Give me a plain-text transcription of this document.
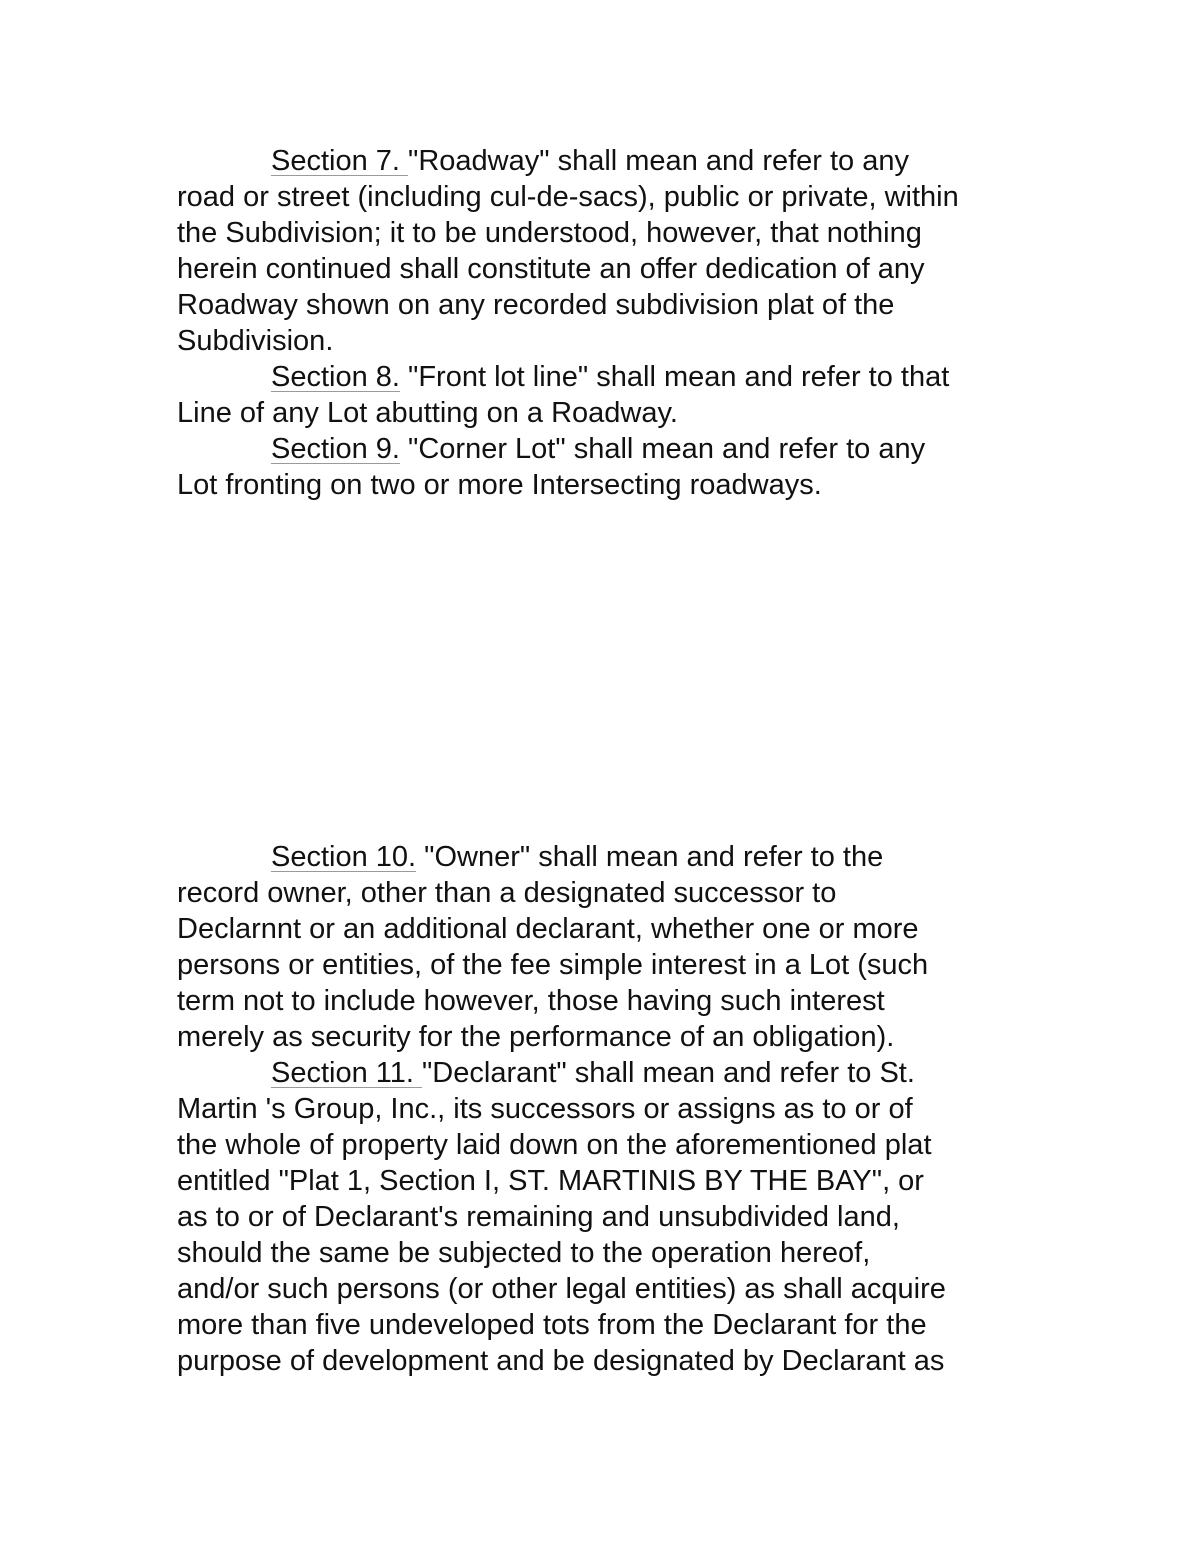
Section 7. "Roadway" shall mean and refer to any
road or street (including cul-de-sacs), public or private, within
the Subdivision; it to be understood, however, that nothing
herein continued shall constitute an offer dedication of any
Roadway shown on any recorded subdivision plat of the
Subdivision.
Section 8. "Front lot line" shall mean and refer to that
Line of any Lot abutting on a Roadway.
Section 9. "Corner Lot" shall mean and refer to any
Lot fronting on two or more Intersecting roadways.
Section 10. "Owner" shall mean and refer to the
record owner, other than a designated successor to
Declarnnt or an additional declarant, whether one or more
persons or entities, of the fee simple interest in a Lot (such
term not to include however, those having such interest
merely as security for the performance of an obligation).
Section 11. "Declarant" shall mean and refer to St.
Martin 's Group, Inc., its successors or assigns as to or of
the whole of property laid down on the aforementioned plat
entitled "Plat 1, Section I, ST. MARTINIS BY THE BAY", or
as to or of Declarant's remaining and unsubdivided land,
should the same be subjected to the operation hereof,
and/or such persons (or other legal entities) as shall acquire
more than five undeveloped tots from the Declarant for the
purpose of development and be designated by Declarant as
